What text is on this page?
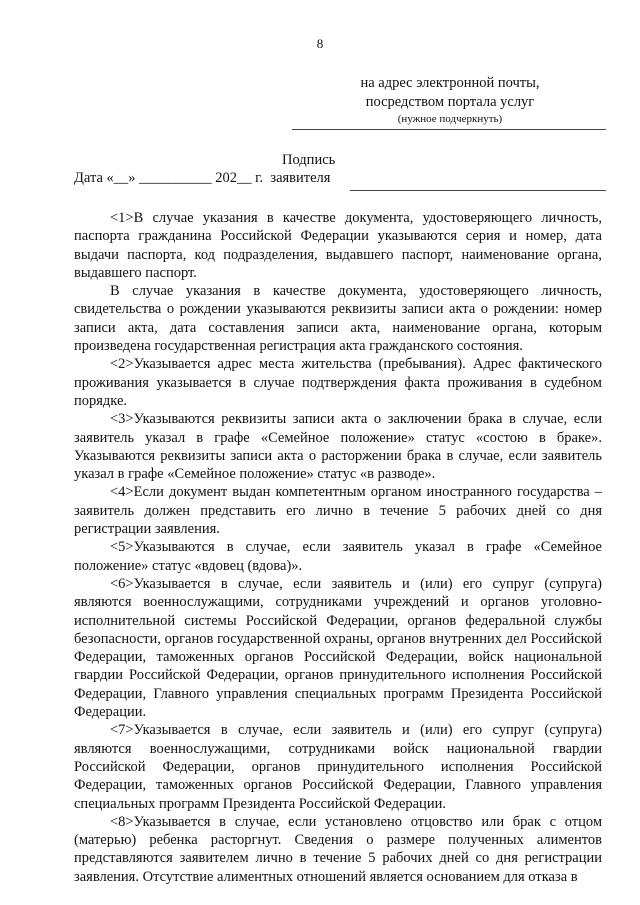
8
на адрес электронной почты,
посредством портала услуг
(нужное подчеркнуть)
Подпись
Дата «__» __________ 202__ г. заявителя

<1>В случае указания в качестве документа, удостоверяющего личность, паспорта гражданина Российской Федерации указываются серия и номер, дата выдачи паспорта, код подразделения, выдавшего паспорт, наименование органа, выдавшего паспорт.

В случае указания в качестве документа, удостоверяющего личность, свидетельства о рождении указываются реквизиты записи акта о рождении: номер записи акта, дата составления записи акта, наименование органа, которым произведена государственная регистрация акта гражданского состояния.

<2>Указывается адрес места жительства (пребывания). Адрес фактического проживания указывается в случае подтверждения факта проживания в судебном порядке.

<3>Указываются реквизиты записи акта о заключении брака в случае, если заявитель указал в графе «Семейное положение» статус «состою в браке». Указываются реквизиты записи акта о расторжении брака в случае, если заявитель указал в графе «Семейное положение» статус «в разводе».

<4>Если документ выдан компетентным органом иностранного государства – заявитель должен представить его лично в течение 5 рабочих дней со дня регистрации заявления.

<5>Указываются в случае, если заявитель указал в графе «Семейное положение» статус «вдовец (вдова)».

<6>Указывается в случае, если заявитель и (или) его супруг (супруга) являются военнослужащими, сотрудниками учреждений и органов уголовно-исполнительной системы Российской Федерации, органов федеральной службы безопасности, органов государственной охраны, органов внутренних дел Российской Федерации, таможенных органов Российской Федерации, войск национальной гвардии Российской Федерации, органов принудительного исполнения Российской Федерации, Главного управления специальных программ Президента Российской Федерации.

<7>Указывается в случае, если заявитель и (или) его супруг (супруга) являются военнослужащими, сотрудниками войск национальной гвардии Российской Федерации, органов принудительного исполнения Российской Федерации, таможенных органов Российской Федерации, Главного управления специальных программ Президента Российской Федерации.

<8>Указывается в случае, если установлено отцовство или брак с отцом (матерью) ребенка расторгнут. Сведения о размере полученных алиментов представляются заявителем лично в течение 5 рабочих дней со дня регистрации заявления. Отсутствие алиментных отношений является основанием для отказа в
